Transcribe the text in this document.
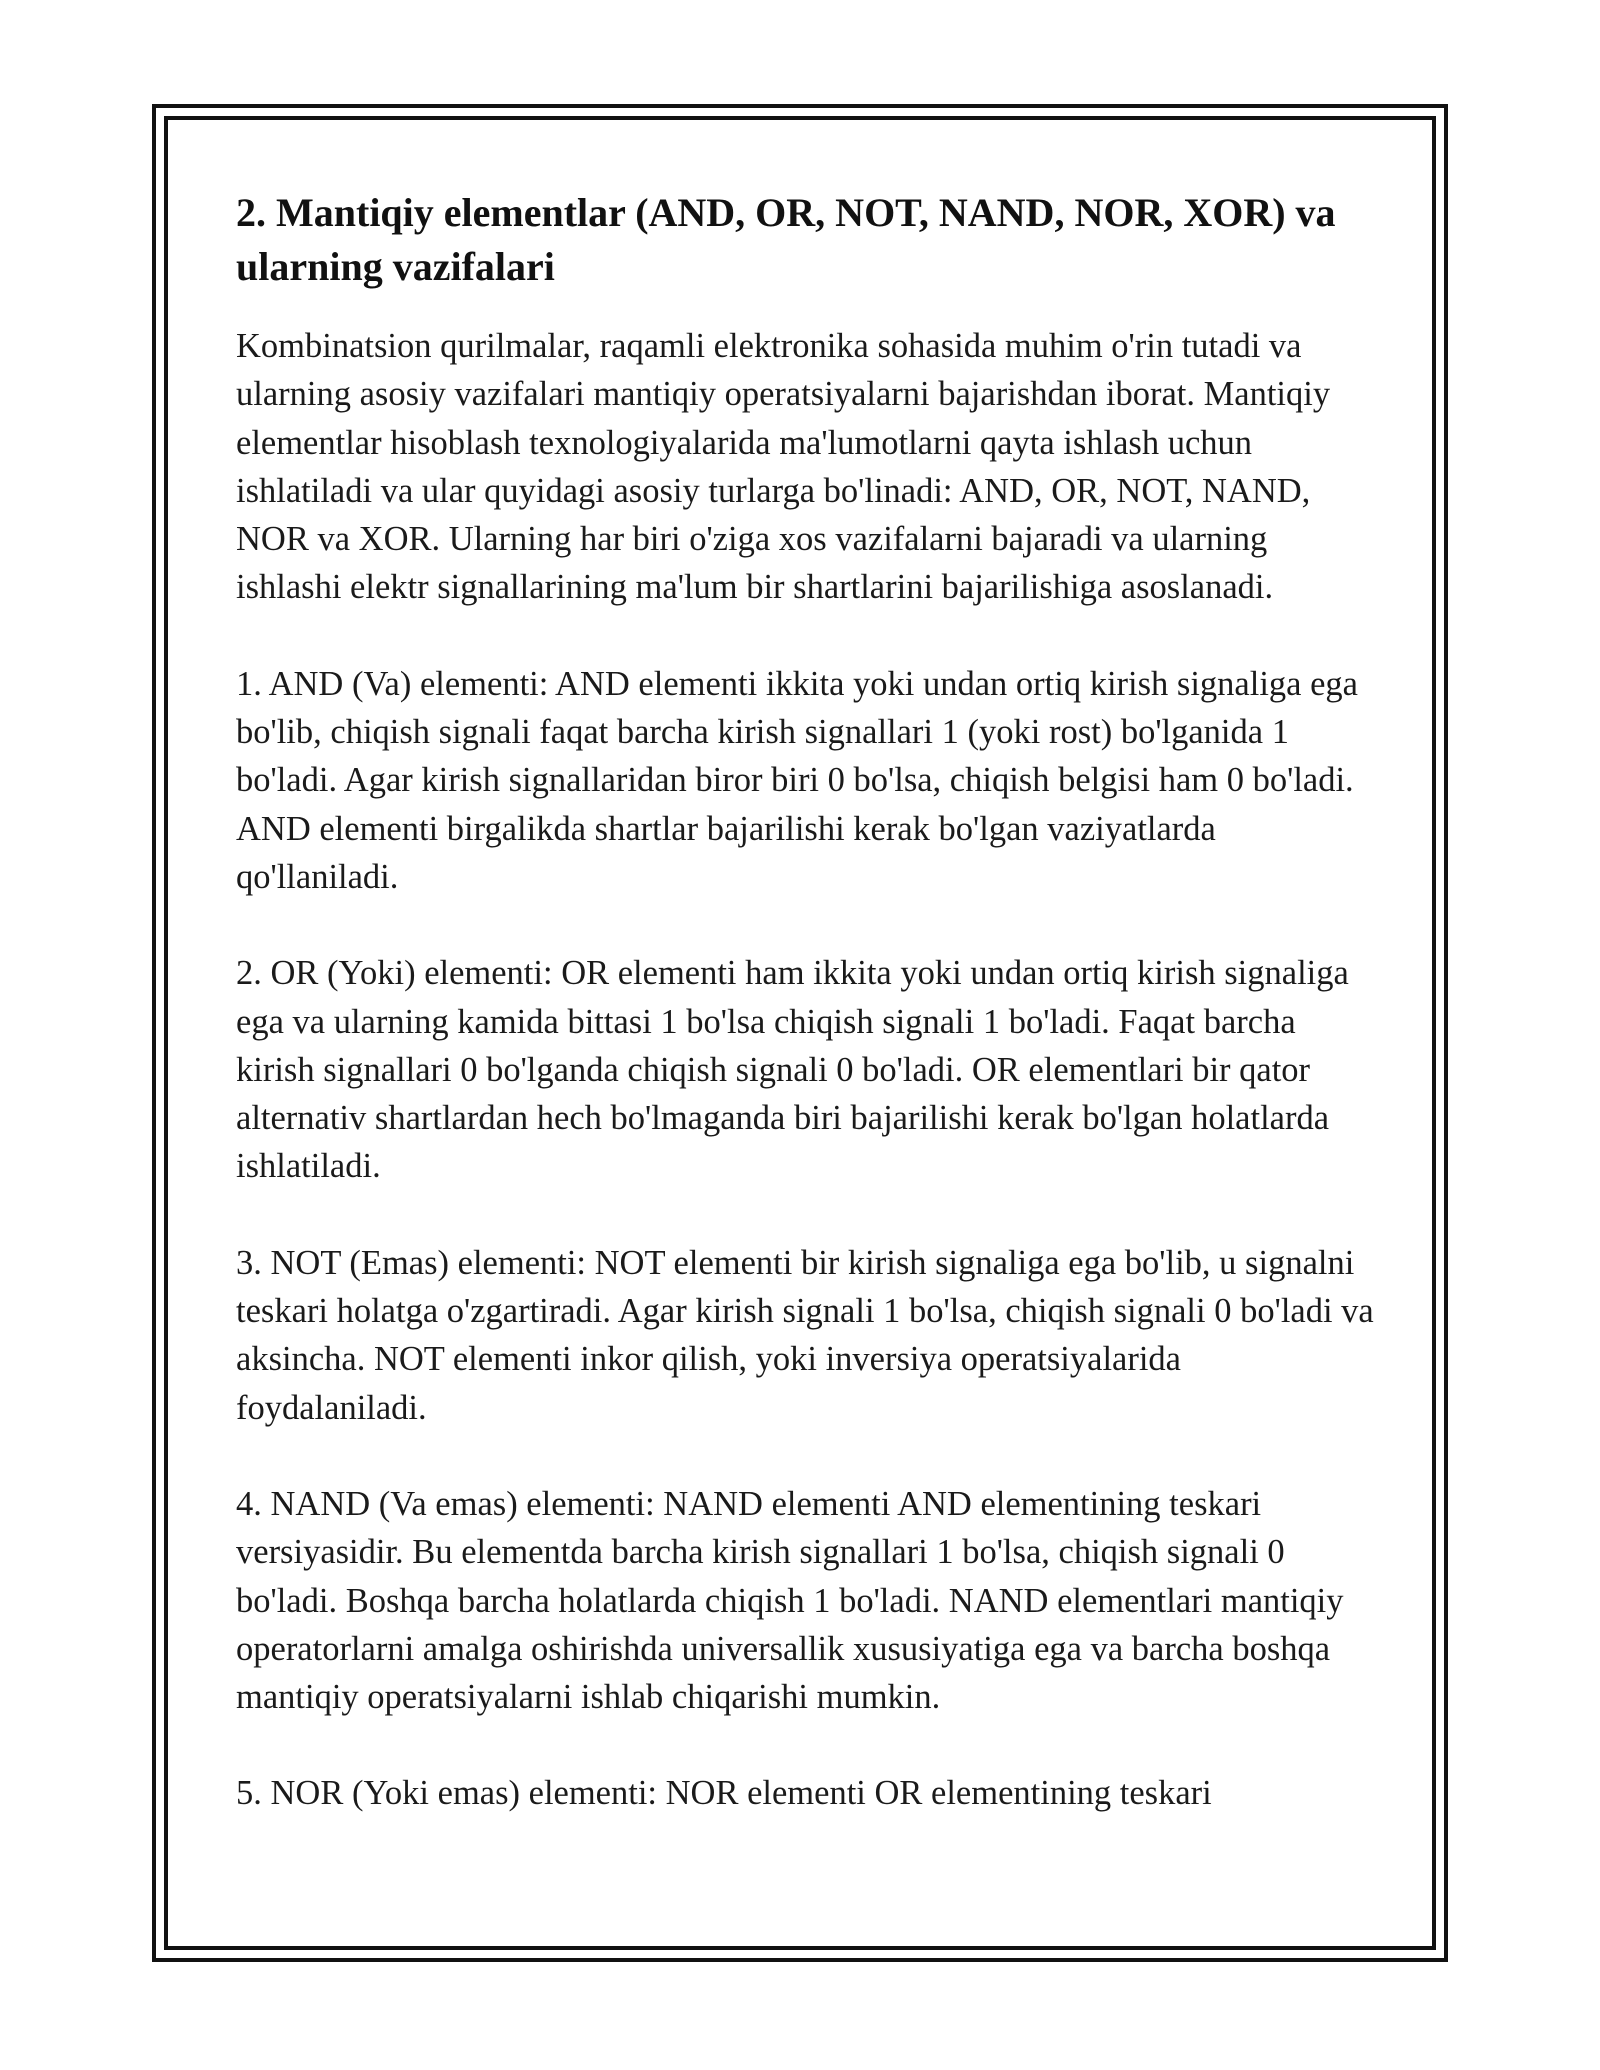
2. Mantiqiy elementlar (AND, OR, NOT, NAND, NOR, XOR) va ularning vazifalari

Kombinatsion qurilmalar, raqamli elektronika sohasida muhim o'rin tutadi va ularning asosiy vazifalari mantiqiy operatsiyalarni bajarishdan iborat. Mantiqiy elementlar hisoblash texnologiyalarida ma'lumotlarni qayta ishlash uchun ishlatiladi va ular quyidagi asosiy turlarga bo'linadi: AND, OR, NOT, NAND, NOR va XOR. Ularning har biri o'ziga xos vazifalarni bajaradi va ularning ishlashi elektr signallarining ma'lum bir shartlarini bajarilishiga asoslanadi.

1. AND (Va) elementi: AND elementi ikkita yoki undan ortiq kirish signaliga ega bo'lib, chiqish signali faqat barcha kirish signallari 1 (yoki rost) bo'lganida 1 bo'ladi. Agar kirish signallaridan biror biri 0 bo'lsa, chiqish belgisi ham 0 bo'ladi. AND elementi birgalikda shartlar bajarilishi kerak bo'lgan vaziyatlarda qo'llaniladi.

2. OR (Yoki) elementi: OR elementi ham ikkita yoki undan ortiq kirish signaliga ega va ularning kamida bittasi 1 bo'lsa chiqish signali 1 bo'ladi. Faqat barcha kirish signallari 0 bo'lganda chiqish signali 0 bo'ladi. OR elementlari bir qator alternativ shartlardan hech bo'lmaganda biri bajarilishi kerak bo'lgan holatlarda ishlatiladi.

3. NOT (Emas) elementi: NOT elementi bir kirish signaliga ega bo'lib, u signalni teskari holatga o'zgartiradi. Agar kirish signali 1 bo'lsa, chiqish signali 0 bo'ladi va aksincha. NOT elementi inkor qilish, yoki inversiya operatsiyalarida foydalaniladi.

4. NAND (Va emas) elementi: NAND elementi AND elementining teskari versiyasidir. Bu elementda barcha kirish signallari 1 bo'lsa, chiqish signali 0 bo'ladi. Boshqa barcha holatlarda chiqish 1 bo'ladi. NAND elementlari mantiqiy operatorlarni amalga oshirishda universallik xususiyatiga ega va barcha boshqa mantiqiy operatsiyalarni ishlab chiqarishi mumkin.

5. NOR (Yoki emas) elementi: NOR elementi OR elementining teskari
